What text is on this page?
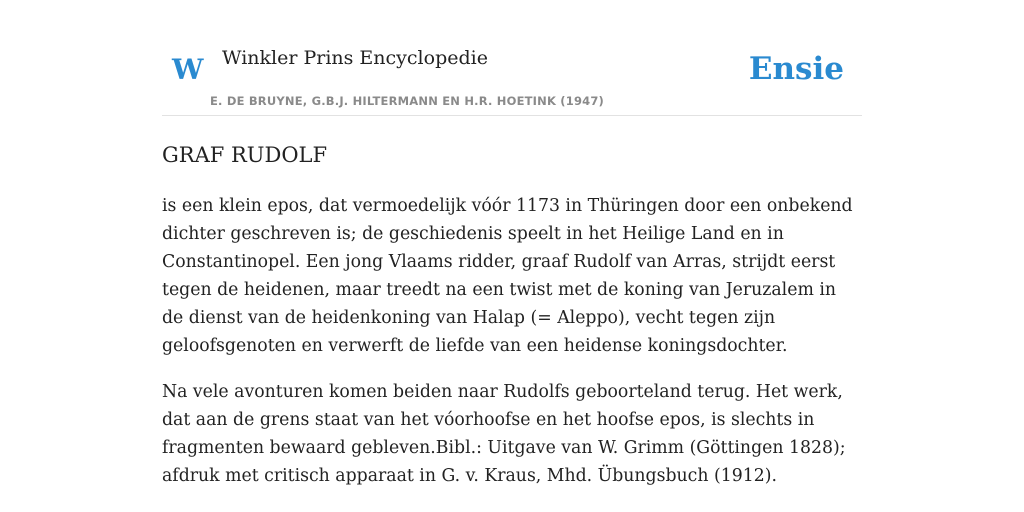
W Winkler Prins Encyclopedie	Ensie
E. DE BRUYNE, G.B.J. HILTERMANN EN H.R. HOETINK (1947)
GRAF RUDOLF

is een klein epos, dat vermoedelijk vóór 1173 in Thüringen door een onbekend dichter geschreven is; de geschiedenis speelt in het Heilige Land en in Constantinopel. Een jong Vlaams ridder, graaf Rudolf van Arras, strijdt eerst tegen de heidenen, maar treedt na een twist met de koning van Jeruzalem in de dienst van de heidenkoning van Halap (= Aleppo), vecht tegen zijn geloofsgenoten en verwerft de liefde van een heidense koningsdochter.

Na vele avonturen komen beiden naar Rudolfs geboorteland terug. Het werk, dat aan de grens staat van het vóorhoofse en het hoofse epos, is slechts in fragmenten bewaard gebleven.Bibl.: Uitgave van W. Grimm (Göttingen 1828); afdruk met critisch apparaat in G. v. Kraus, Mhd. Übungsbuch (1912).
